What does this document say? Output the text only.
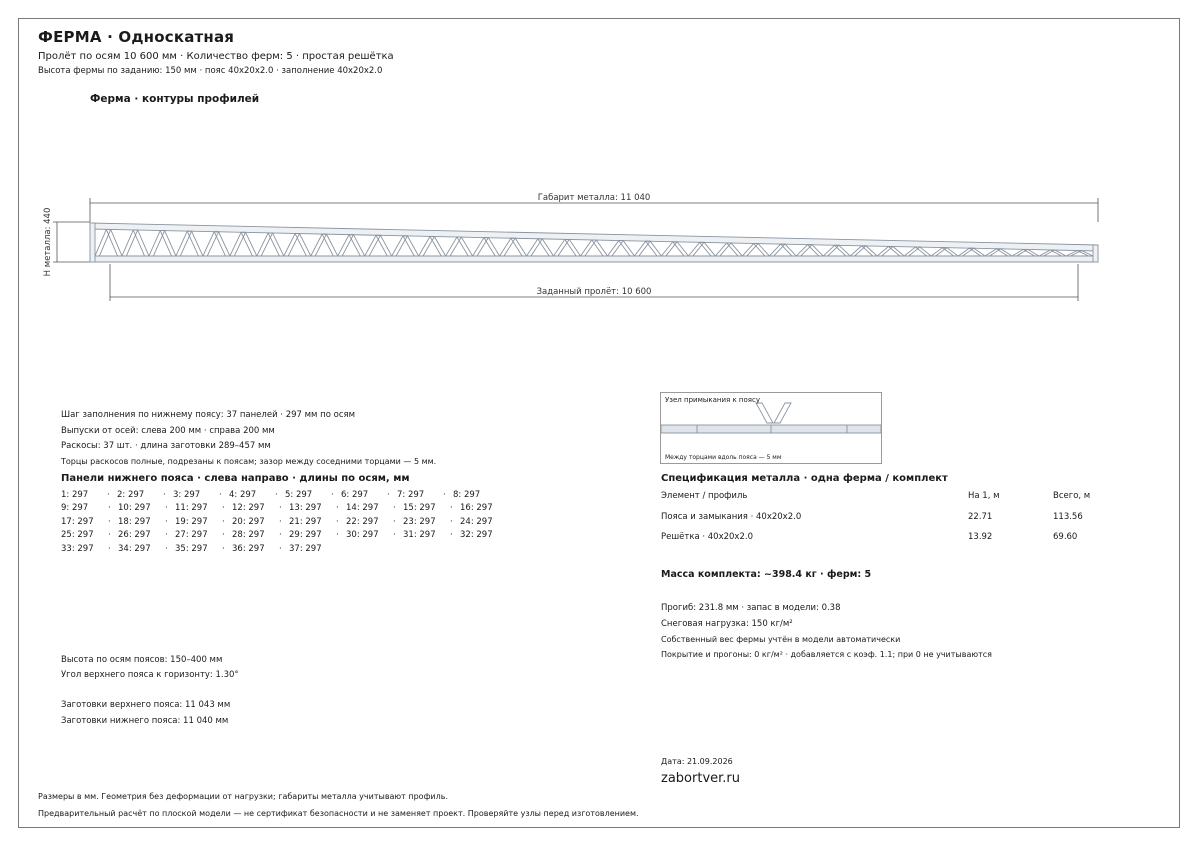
ФЕРМА · Односкатная
Пролёт по осям 10 600 мм · Количество ферм: 5 · простая решётка
Высота фермы по заданию: 150 мм · пояс 40х20х2.0 · заполнение 40х20х2.0
Ферма · контуры профилей
Габарит металла: 11 040
Заданный пролёт: 10 600
Н металла: 440
Шаг заполнения по нижнему поясу: 37 панелей · 297 мм по осям
Выпуски от осей: слева 200 мм · справа 200 мм
Раскосы: 37 шт. · длина заготовки 289–457 мм
Торцы раскосов полные, подрезаны к поясам; зазор между соседними торцами — 5 мм.
Панели нижнего пояса · слева направо · длины по осям, мм
1: 297 · 2: 297 · 3: 297 · 4: 297 · 5: 297 · 6: 297 · 7: 297 · 8: 297
9: 297 · 10: 297 · 11: 297 · 12: 297 · 13: 297 · 14: 297 · 15: 297 · 16: 297
17: 297 · 18: 297 · 19: 297 · 20: 297 · 21: 297 · 22: 297 · 23: 297 · 24: 297
25: 297 · 26: 297 · 27: 297 · 28: 297 · 29: 297 · 30: 297 · 31: 297 · 32: 297
33: 297 · 34: 297 · 35: 297 · 36: 297 · 37: 297
Высота по осям поясов: 150–400 мм
Угол верхнего пояса к горизонту: 1.30°
Заготовки верхнего пояса: 11 043 мм
Заготовки нижнего пояса: 11 040 мм
Узел примыкания к поясу
Между торцами вдоль пояса — 5 мм
Спецификация металла · одна ферма / комплект
Элемент / профиль	На 1, м	Всего, м
Пояса и замыкания · 40х20х2.0	22.71	113.56
Решётка · 40х20х2.0	13.92	69.60
Масса комплекта: ~398.4 кг · ферм: 5
Прогиб: 231.8 мм · запас в модели: 0.38
Снеговая нагрузка: 150 кг/м²
Собственный вес фермы учтён в модели автоматически
Покрытие и прогоны: 0 кг/м² · добавляется с коэф. 1.1; при 0 не учитываются
Дата: 21.09.2026
zabortver.ru
Размеры в мм. Геометрия без деформации от нагрузки; габариты металла учитывают профиль.
Предварительный расчёт по плоской модели — не сертификат безопасности и не заменяет проект. Проверяйте узлы перед изготовлением.
